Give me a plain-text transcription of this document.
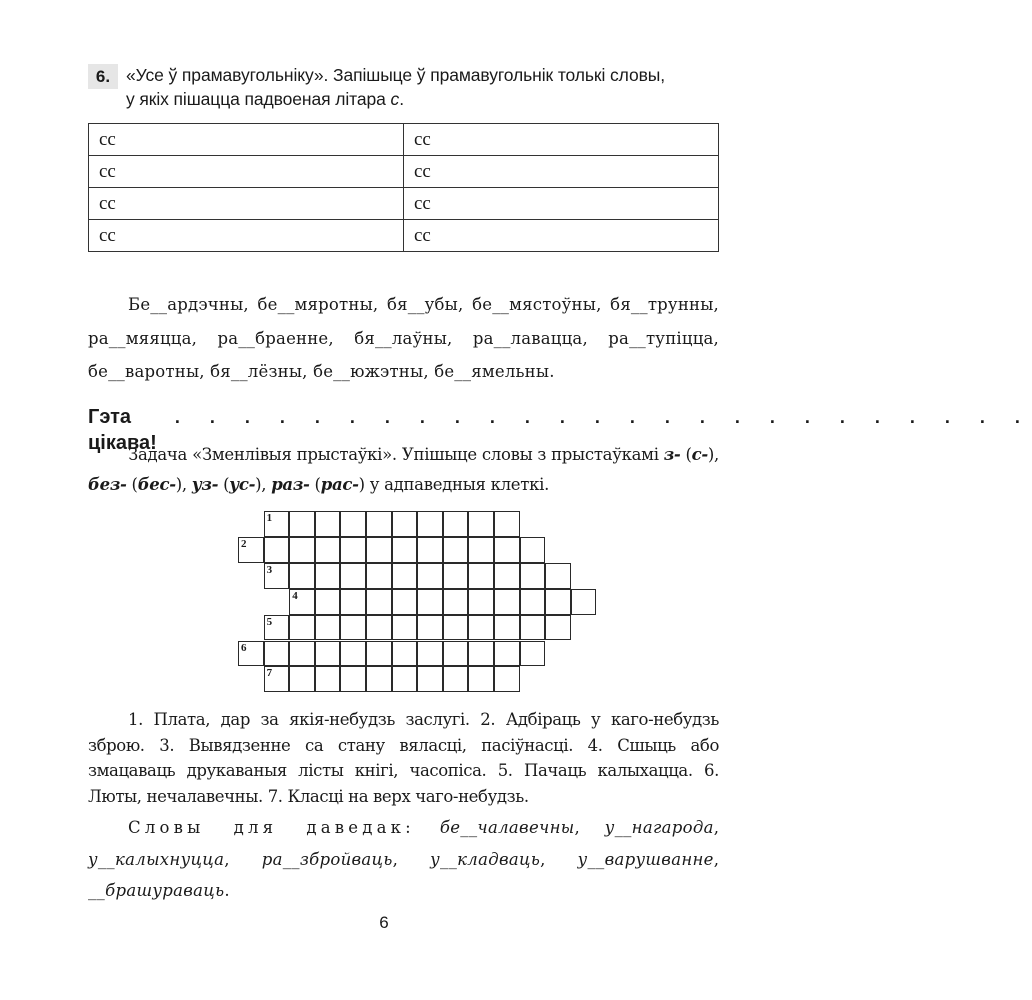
6. «Усе ў прамавугольніку». Запішыце ў прамавугольнік толькі словы,
у якіх пішацца падвоеная літара с.
сс	сс
сс	сс
сс	сс
сс	сс
Бе__ардэчны, бе__мяротны, бя__убы, бе__мястоўны, бя__трунны, ра__мяяцца, ра__браенне, бя__лаўны, ра__лавацца, ра__тупіцца, бе__варотны, бя__лёзны, бе__южэтны, бе__ямельны.
Гэта цікава!
. . . . . . . . . . . . . . . . . . . . . . . . .
Задача «Зменлівыя прыстаўкі». Упішыце словы з прыстаўкамі з- (с-), без- (бес-), уз- (ус-), раз- (рас-) у адпаведныя клеткі.
1
2
3
4
5
6
7
1. Плата, дар за якія-небудзь заслугі. 2. Адбіраць у каго-небудзь зброю. 3. Вывядзенне са стану вяласці, пасіўнасці. 4. Сшыць або змацаваць друкаваныя лісты кнігі, часопіса. 5. Пачаць калыхацца. 6. Люты, нечалавечны. 7. Класці на верх чаго-небудзь.
Словы для даведак: бе__чалавечны, у__нагарода, у__калыхнуцца, ра__збройваць, у__кладваць, у__варушванне, __брашураваць.
6
